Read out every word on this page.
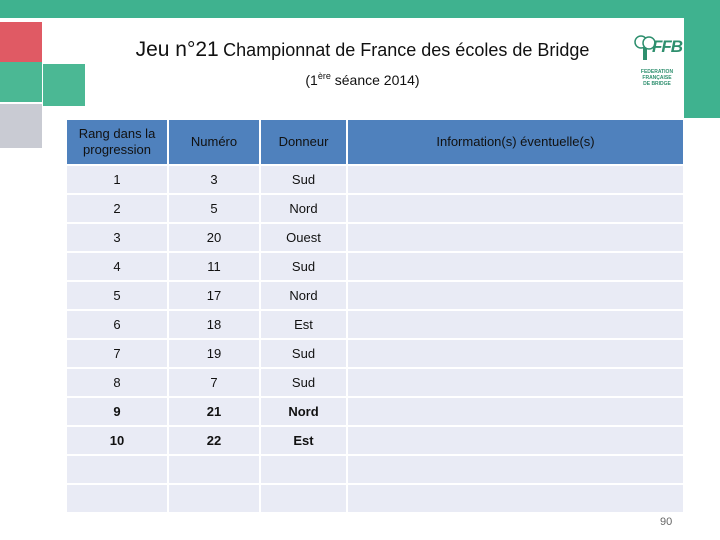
Jeu n°21 Championnat de France des écoles de Bridge
(1ère séance 2014)
FFB
FEDERATION
FRANÇAISE
DE BRIDGE
Rang dans la progression	Numéro	Donneur	Information(s) éventuelle(s)
1	3	Sud	
2	5	Nord	
3	20	Ouest	
4	11	Sud	
5	17	Nord	
6	18	Est	
7	19	Sud	
8	7	Sud	
9	21	Nord	
10	22	Est	

90
